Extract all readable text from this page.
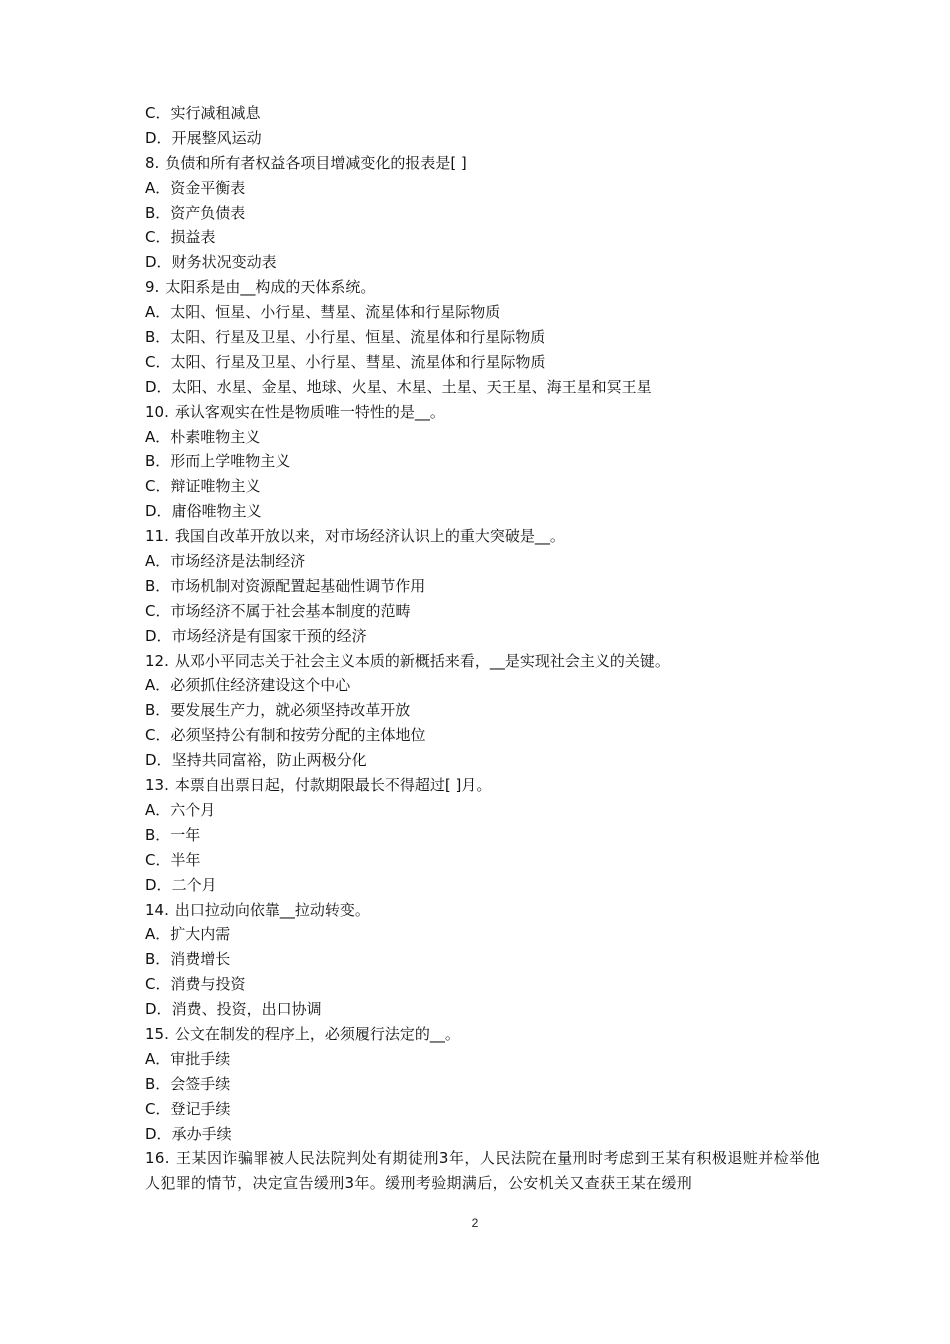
C．实行减租减息
D．开展整风运动
8. 负债和所有者权益各项目增减变化的报表是[ ]
A．资金平衡表
B．资产负债表
C．损益表
D．财务状况变动表
9. 太阳系是由__构成的天体系统。
A．太阳、恒星、小行星、彗星、流星体和行星际物质
B．太阳、行星及卫星、小行星、恒星、流星体和行星际物质
C．太阳、行星及卫星、小行星、彗星、流星体和行星际物质
D．太阳、水星、金星、地球、火星、木星、土星、天王星、海王星和冥王星
10. 承认客观实在性是物质唯一特性的是__。
A．朴素唯物主义
B．形而上学唯物主义
C．辩证唯物主义
D．庸俗唯物主义
11. 我国自改革开放以来，对市场经济认识上的重大突破是__。
A．市场经济是法制经济
B．市场机制对资源配置起基础性调节作用
C．市场经济不属于社会基本制度的范畴
D．市场经济是有国家干预的经济
12. 从邓小平同志关于社会主义本质的新概括来看，__是实现社会主义的关键。
A．必须抓住经济建设这个中心
B．要发展生产力，就必须坚持改革开放
C．必须坚持公有制和按劳分配的主体地位
D．坚持共同富裕，防止两极分化
13. 本票自出票日起，付款期限最长不得超过[ ]月。
A．六个月
B．一年
C．半年
D．二个月
14. 出口拉动向依靠__拉动转变。
A．扩大内需
B．消费增长
C．消费与投资
D．消费、投资，出口协调
15. 公文在制发的程序上，必须履行法定的__。
A．审批手续
B．会签手续
C．登记手续
D．承办手续
16. 王某因诈骗罪被人民法院判处有期徒刑3年，人民法院在量刑时考虑到王某有积极退赃并检举他人犯罪的情节，决定宣告缓刑3年。缓刑考验期满后，公安机关又查获王某在缓刑
2
